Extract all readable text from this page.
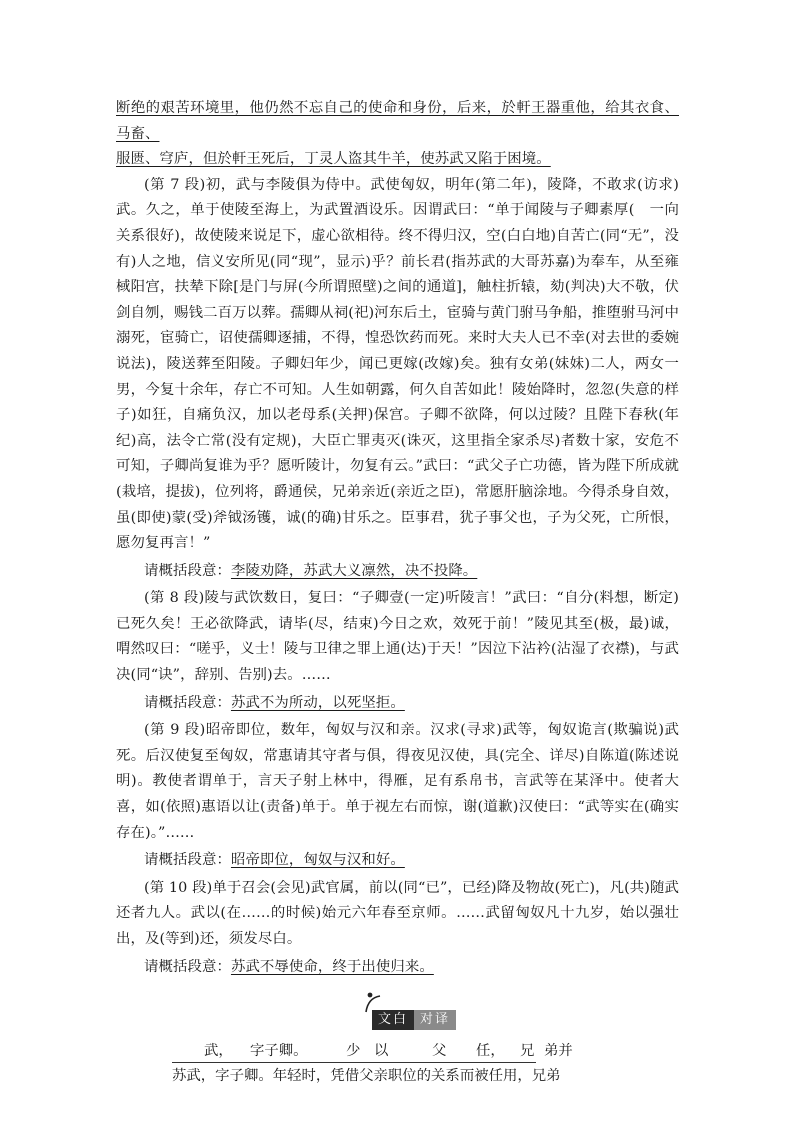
断绝的艰苦环境里，他仍然不忘自己的使命和身份，后来，於軒王器重他，给其衣食、马畜、

服匮、穹庐，但於軒王死后，丁灵人盗其牛羊，使苏武又陷于困境。

(第 7 段)初，武与李陵俱为侍中。武使匈奴，明年(第二年)，陵降，不敢求(访求)武。久之，单于使陵至海上，为武置酒设乐。因谓武曰：“单于闻陵与子卿素厚(　一向关系很好)，故使陵来说足下，虚心欲相待。终不得归汉，空(白白地)自苦亡(同“无”，没有)人之地，信义安所见(同“现”，显示)乎？前长君(指苏武的大哥苏嘉)为奉车，从至雍棫阳宫，扶辇下除[是门与屏(今所谓照壁)之间的通道]，触柱折辕，劾(判决)大不敬，伏剑自刎，赐钱二百万以葬。孺卿从祠(祀)河东后土，宦骑与黄门驸马争船，推堕驸马河中溺死，宦骑亡，诏使孺卿逐捕，不得，惶恐饮药而死。来时大夫人已不幸(对去世的委婉说法)，陵送葬至阳陵。子卿妇年少，闻已更嫁(改嫁)矣。独有女弟(妹妹)二人，两女一男，今复十余年，存亡不可知。人生如朝露，何久自苦如此！陵始降时，忽忽(失意的样子)如狂，自痛负汉，加以老母系(关押)保宫。子卿不欲降，何以过陵？且陛下春秋(年纪)高，法令亡常(没有定规)，大臣亡罪夷灭(诛灭，这里指全家杀尽)者数十家，安危不可知，子卿尚复谁为乎？愿听陵计，勿复有云。”武曰：“武父子亡功德，皆为陛下所成就(栽培，提拔)，位列将，爵通侯，兄弟亲近(亲近之臣)，常愿肝脑涂地。今得杀身自效，虽(即使)蒙(受)斧钺汤镬，诚(的确)甘乐之。臣事君，犹子事父也，子为父死，亡所恨，愿勿复再言！”

请概括段意：李陵劝降，苏武大义凛然，决不投降。

(第 8 段)陵与武饮数日，复曰：“子卿壹(一定)听陵言！”武曰：“自分(料想，断定)已死久矣！王必欲降武，请毕(尽，结束)今日之欢，效死于前！”陵见其至(极，最)诚，喟然叹曰：“嗟乎，义士！陵与卫律之罪上通(达)于天！”因泣下沾衿(沾湿了衣襟)，与武决(同“诀”，辞别、告别)去。……

请概括段意：苏武不为所动，以死坚拒。

(第 9 段)昭帝即位，数年，匈奴与汉和亲。汉求(寻求)武等，匈奴诡言(欺骗说)武死。后汉使复至匈奴，常惠请其守者与俱，得夜见汉使，具(完全、详尽)自陈道(陈述说明)。教使者谓单于，言天子射上林中，得雁，足有系帛书，言武等在某泽中。使者大喜，如(依照)惠语以让(责备)单于。单于视左右而惊，谢(道歉)汉使曰：“武等实在(确实存在)。”……

请概括段意：昭帝即位，匈奴与汉和好。

(第 10 段)单于召会(会见)武官属，前以(同“已”，已经)降及物故(死亡)，凡(共)随武还者九人。武以(在……的时候)始元六年春至京师。……武留匈奴凡十九岁，始以强壮出，及(等到)还，须发尽白。

请概括段意：苏武不辱使命，终于出使归来。

文白 对译
武， 字子卿。	少 以	父 任， 兄 弟并
苏武，字子卿。年轻时，凭借父亲职位的关系而被任用，兄弟
